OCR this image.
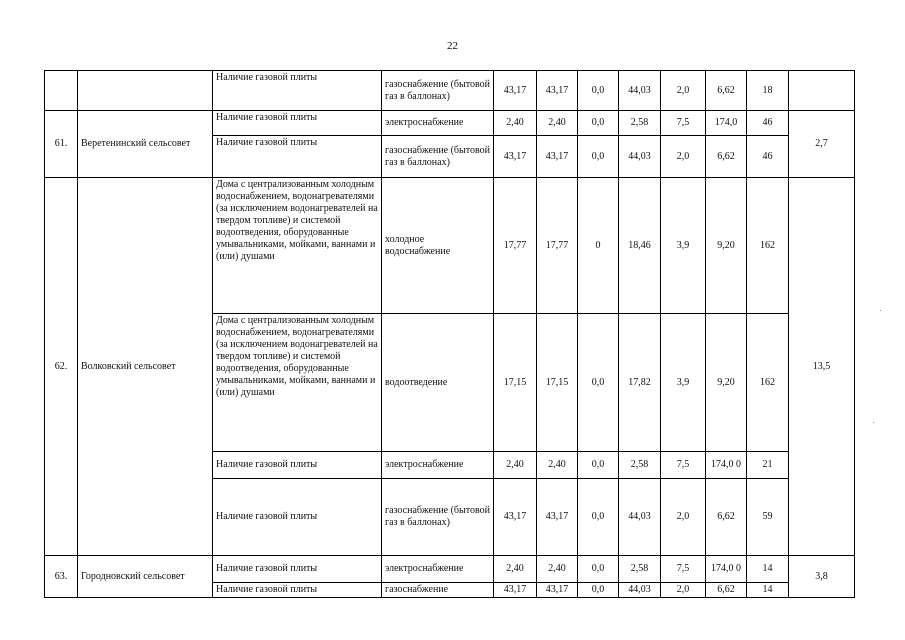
22
		Наличие газовой плиты	газоснабжение (бытовой газ в баллонах)	43,17	43,17	0,0	44,03	2,0	6,62	18	
61.	Веретенинский сельсовет	Наличие газовой плиты	электроснабжение	2,40	2,40	0,0	2,58	7,5	174,0	46	2,7
		Наличие газовой плиты	газоснабжение (бытовой газ в баллонах)	43,17	43,17	0,0	44,03	2,0	6,62	46	
62.	Волковский сельсовет	Дома с централизованным холодным водоснабжением, водонагревателями (за исключением водонагревателей на твердом топливе) и системой водоотведения, оборудованные умывальниками, мойками, ваннами и (или) душами	холодное водоснабжение	17,77	17,77	0	18,46	3,9	9,20	162	13,5
		Дома с централизованным холодным водоснабжением, водонагревателями (за исключением водонагревателей на твердом топливе) и системой водоотведения, оборудованные умывальниками, мойками, ваннами и (или) душами	водоотведение	17,15	17,15	0,0	17,82	3,9	9,20	162	
		Наличие газовой плиты	электроснабжение	2,40	2,40	0,0	2,58	7,5	174,0 0	21	
		Наличие газовой плиты	газоснабжение (бытовой газ в баллонах)	43,17	43,17	0,0	44,03	2,0	6,62	59	
63.	Городновский сельсовет	Наличие газовой плиты	электроснабжение	2,40	2,40	0,0	2,58	7,5	174,0 0	14	3,8
		Наличие газовой плиты	газоснабжение	43,17	43,17	0,0	44,03	2,0	6,62	14	
